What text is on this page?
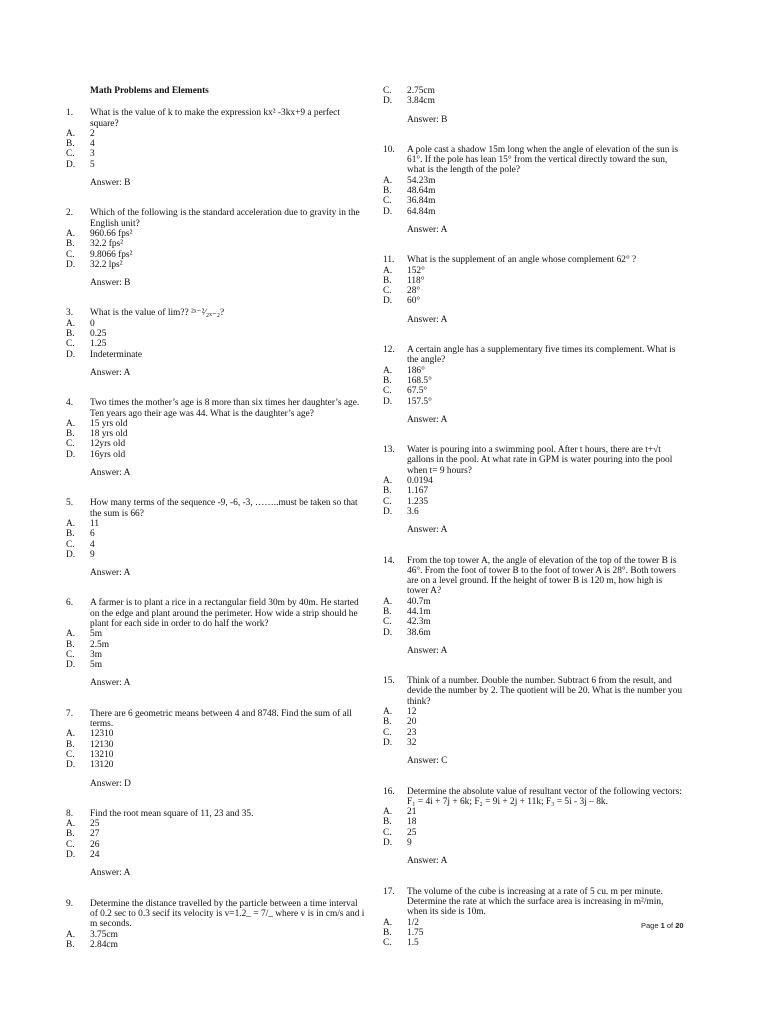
Math Problems and Elements
1.	What is the value of k to make the expression kx² -3kx+9 a perfect square?
A.	2
B.	4
C.	3
D.	5
Answer: B
2.	Which of the following is the standard acceleration due to gravity in the English unit?
A.	960.66 fps²
B.	32.2 fps²
C.	9.8066 fps²
D.	32.2 lps²
Answer: B
3.	What is the value of lim?? ²ˣ⁻²⁄₂ₓ₋₂?
A.	0
B.	0.25
C.	1.25
D.	Indeterminate
Answer: A
4.	Two times the mother’s age is 8 more than six times her daughter’s age. Ten years ago their age was 44. What is the daughter’s age?
A.	15 yrs old
B.	18 yrs old
C.	12yrs old
D.	16yrs old
Answer: A
5.	How many terms of the sequence -9, -6, -3, ……..must be taken so that the sum is 66?
A.	11
B.	6
C.	4
D.	9
Answer: A
6.	A farmer is to plant a rice in a rectangular field 30m by 40m. He started on the edge and plant around the perimeter. How wide a strip should he plant for each side in order to do half the work?
A.	5m
B.	2.5m
C.	3m
D.	5m
Answer: A
7.	There are 6 geometric means between 4 and 8748. Find the sum of all terms.
A.	12310
B.	12130
C.	13210
D.	13120
Answer: D
8.	Find the root mean square of 11, 23 and 35.
A.	25
B.	27
C.	26
D.	24
Answer: A
9.	Determine the distance travelled by the particle between a time interval of 0.2 sec to 0.3 secif its velocity is v=1.2_ = 7/_ where v is in cm/s and i m seconds.
A.	3.75cm
B.	2.84cm
C.	2.75cm
D.	3.84cm
Answer: B
10.	A pole cast a shadow 15m long when the angle of elevation of the sun is 61°. If the pole has lean 15° from the vertical directly toward the sun, what is the length of the pole?
A.	54.23m
B.	48.64m
C.	36.84m
D.	64.84m
Answer: A
11.	What is the supplement of an angle whose complement 62° ?
A.	152°
B.	118°
C.	28°
D.	60°
Answer: A
12.	A certain angle has a supplementary five times its complement. What is the angle?
A.	186°
B.	168.5°
C.	67.5°
D.	157.5°
Answer: A
13.	Water is pouring into a swimming pool. After t hours, there are t+√t gallons in the pool. At what rate in GPM is water pouring into the pool when t= 9 hours?
A.	0.0194
B.	1.167
C.	1.235
D.	3.6
Answer: A
14.	From the top tower A, the angle of elevation of the top of the tower B is 46°. From the foot of tower B to the foot of tower A is 28°. Both towers are on a level ground. If the height of tower B is 120 m, how high is tower A?
A.	40.7m
B.	44.1m
C.	42.3m
D.	38.6m
Answer: A
15.	Think of a number. Double the number. Subtract 6 from the result, and devide the number by 2. The quotient will be 20. What is the number you think?
A.	12
B.	20
C.	23
D.	32
Answer: C
16.	Determine the absolute value of resultant vector of the following vectors: F₁ = 4i + 7j + 6k; F₂ = 9i + 2j + 11k; F₃ = 5i - 3j – 8k.
A.	21
B.	18
C.	25
D.	9
Answer: A
17.	The volume of the cube is increasing at a rate of 5 cu. m per minute. Determine the rate at which the surface area is increasing in m²/min, when its side is 10m.
A.	1/2
B.	1.75
C.	1.5
Page 1 of 20
